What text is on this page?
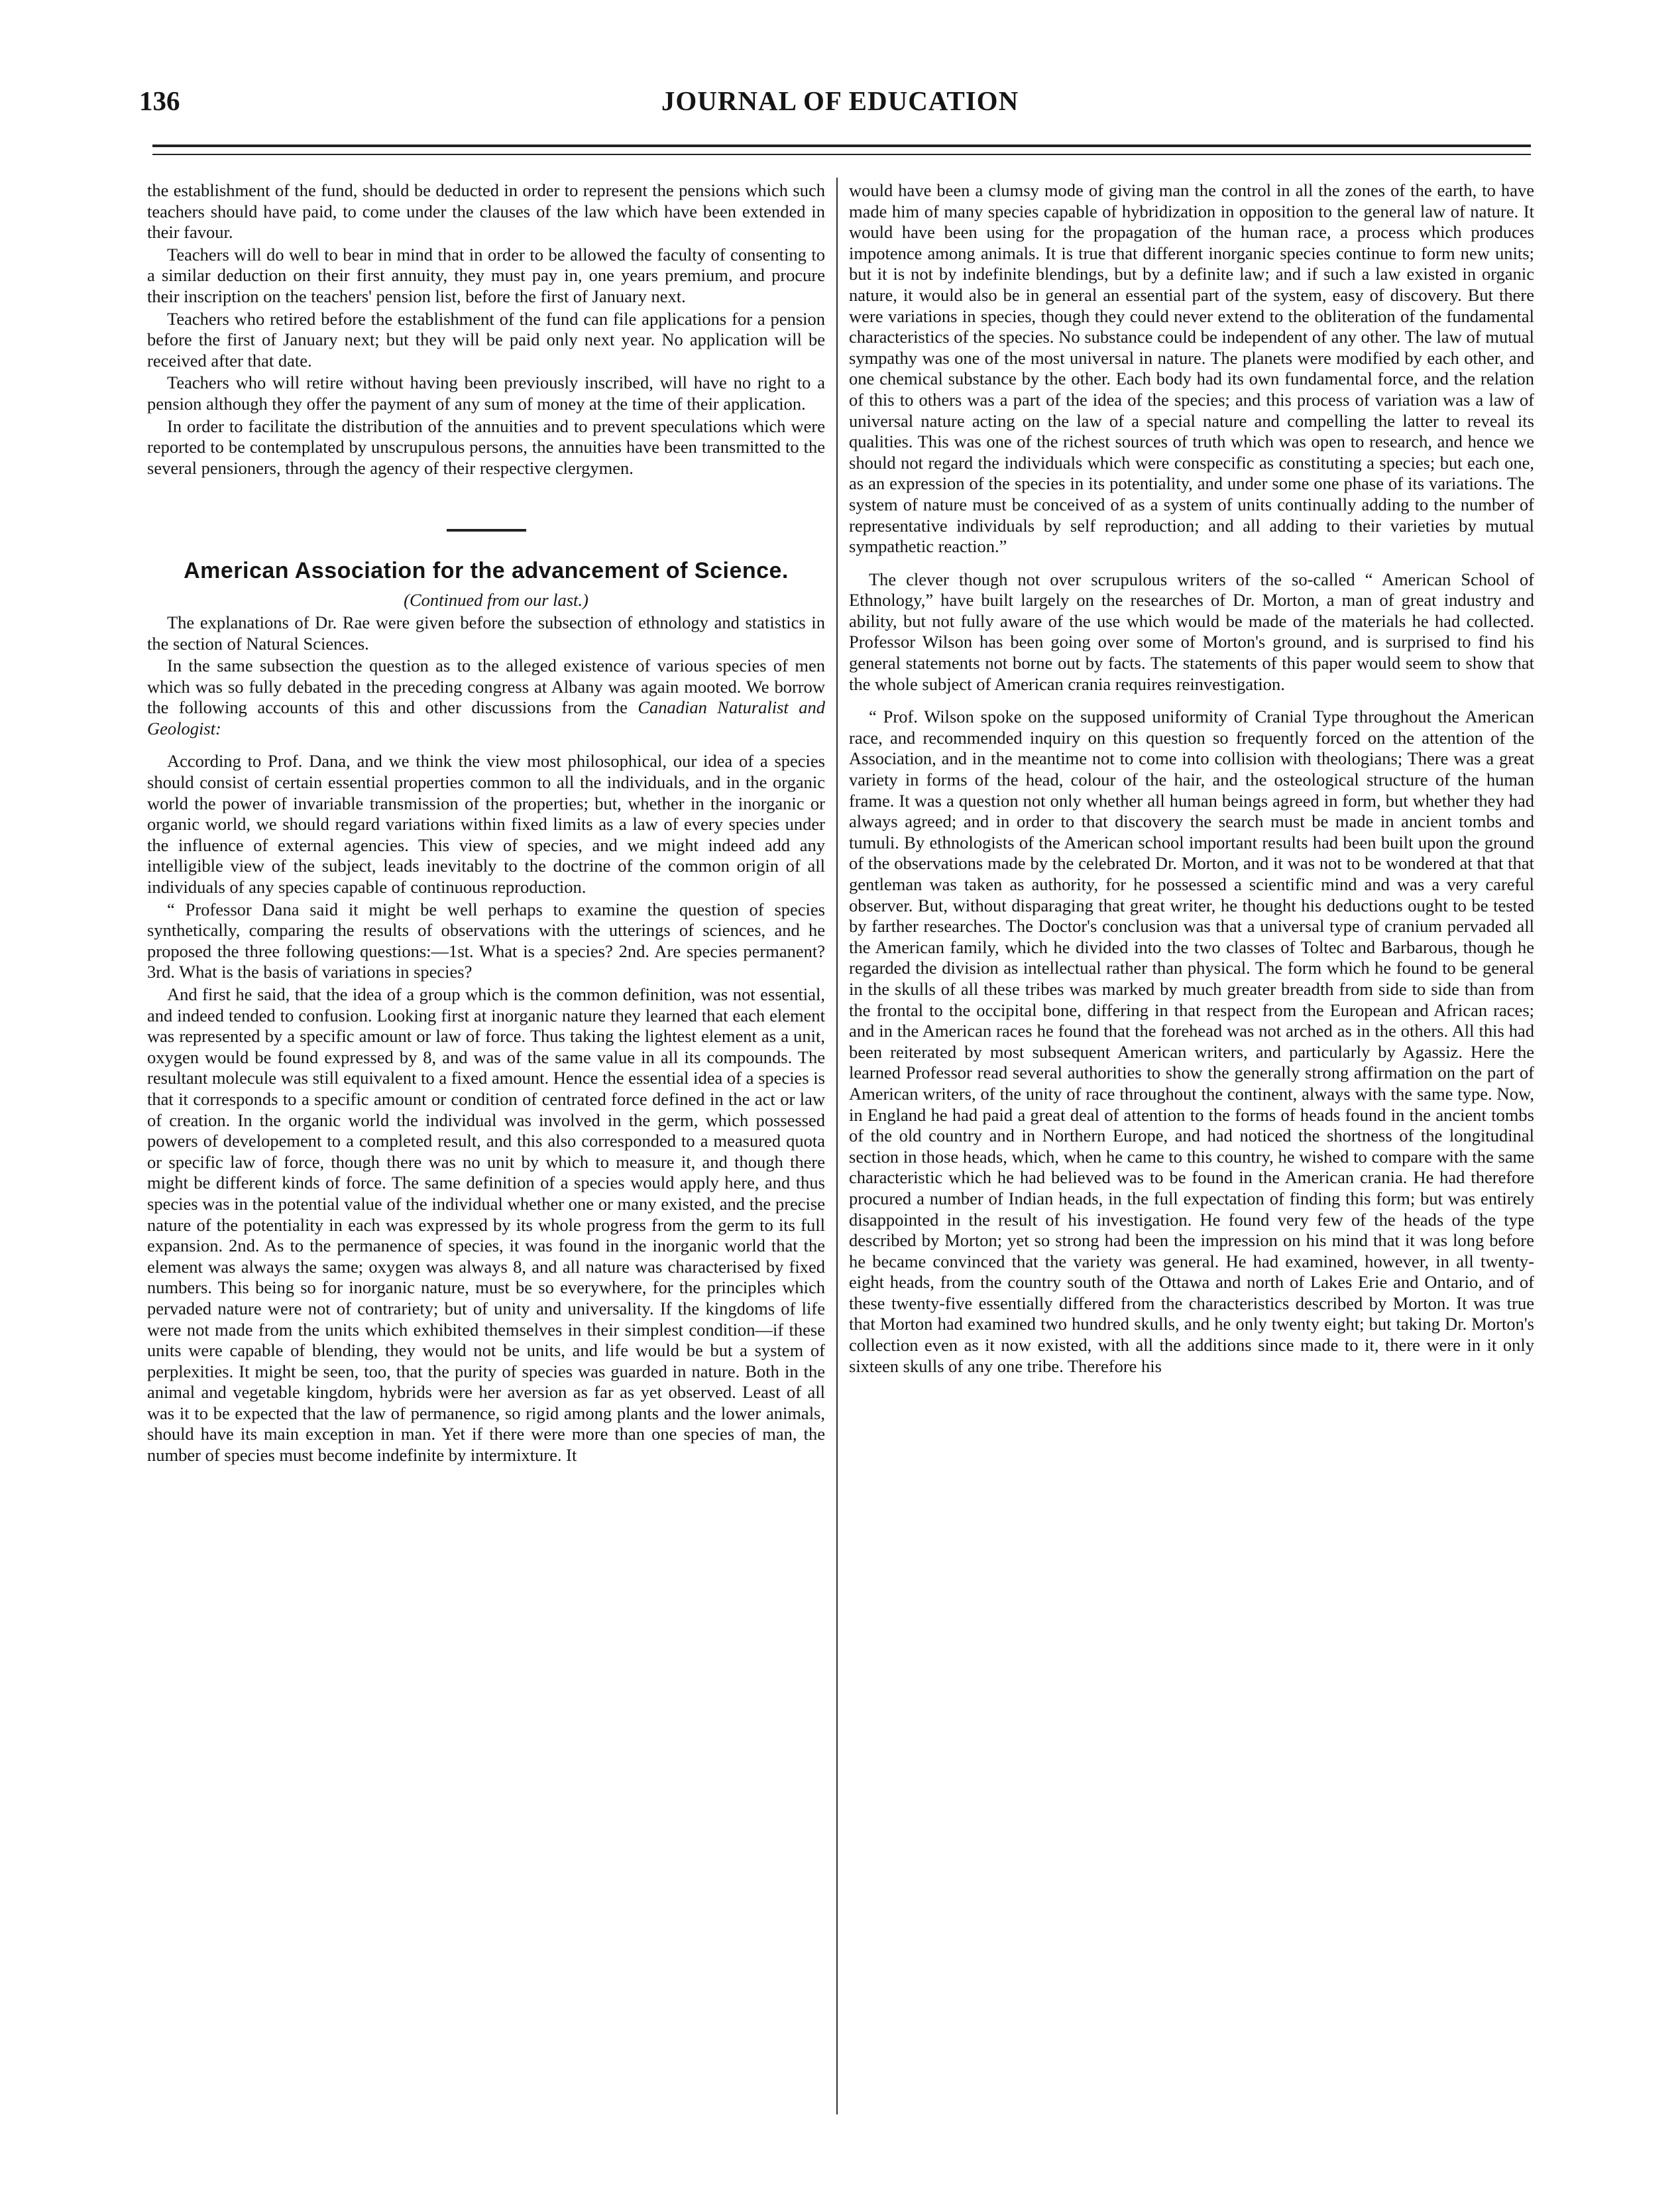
JOURNAL OF EDUCATION
136

the establishment of the fund, should be deducted in order to represent the pensions which such teachers should have paid, to come under the clauses of the law which have been extended in their favour.

Teachers will do well to bear in mind that in order to be allowed the faculty of consenting to a similar deduction on their first annuity, they must pay in, one years premium, and procure their inscription on the teachers' pension list, before the first of January next.

Teachers who retired before the establishment of the fund can file applications for a pension before the first of January next; but they will be paid only next year. No application will be received after that date.

Teachers who will retire without having been previously inscribed, will have no right to a pension although they offer the payment of any sum of money at the time of their application.

In order to facilitate the distribution of the annuities and to prevent speculations which were reported to be contemplated by unscrupulous persons, the annuities have been transmitted to the several pensioners, through the agency of their respective clergymen.

American Association for the advancement of Science.

(Continued from our last.)

The explanations of Dr. Rae were given before the subsection of ethnology and statistics in the section of Natural Sciences.

In the same subsection the question as to the alleged existence of various species of men which was so fully debated in the preceding congress at Albany was again mooted. We borrow the following accounts of this and other discussions from the Canadian Naturalist and Geologist:

According to Prof. Dana, and we think the view most philosophical, our idea of a species should consist of certain essential properties common to all the individuals, and in the organic world the power of invariable transmission of the properties; but, whether in the inorganic or organic world, we should regard variations within fixed limits as a law of every species under the influence of external agencies. This view of species, and we might indeed add any intelligible view of the subject, leads inevitably to the doctrine of the common origin of all individuals of any species capable of continuous reproduction.

“ Professor Dana said it might be well perhaps to examine the question of species synthetically, comparing the results of observations with the utterings of sciences, and he proposed the three following questions:—1st. What is a species? 2nd. Are species permanent? 3rd. What is the basis of variations in species?

And first he said, that the idea of a group which is the common definition, was not essential, and indeed tended to confusion. Looking first at inorganic nature they learned that each element was represented by a specific amount or law of force. Thus taking the lightest element as a unit, oxygen would be found expressed by 8, and was of the same value in all its compounds. The resultant molecule was still equivalent to a fixed amount. Hence the essential idea of a species is that it corresponds to a specific amount or condition of centrated force defined in the act or law of creation. In the organic world the individual was involved in the germ, which possessed powers of developement to a completed result, and this also corresponded to a measured quota or specific law of force, though there was no unit by which to measure it, and though there might be different kinds of force. The same definition of a species would apply here, and thus species was in the potential value of the individual whether one or many existed, and the precise nature of the potentiality in each was expressed by its whole progress from the germ to its full expansion. 2nd. As to the permanence of species, it was found in the inorganic world that the element was always the same; oxygen was always 8, and all nature was characterised by fixed numbers. This being so for inorganic nature, must be so everywhere, for the principles which pervaded nature were not of contrariety; but of unity and universality. If the kingdoms of life were not made from the units which exhibited themselves in their simplest condition—if these units were capable of blending, they would not be units, and life would be but a system of perplexities. It might be seen, too, that the purity of species was guarded in nature. Both in the animal and vegetable kingdom, hybrids were her aversion as far as yet observed. Least of all was it to be expected that the law of permanence, so rigid among plants and the lower animals, should have its main exception in man. Yet if there were more than one species of man, the number of species must become indefinite by intermixture. It

would have been a clumsy mode of giving man the control in all the zones of the earth, to have made him of many species capable of hybridization in opposition to the general law of nature. It would have been using for the propagation of the human race, a process which produces impotence among animals. It is true that different inorganic species continue to form new units; but it is not by indefinite blendings, but by a definite law; and if such a law existed in organic nature, it would also be in general an essential part of the system, easy of discovery. But there were variations in species, though they could never extend to the obliteration of the fundamental characteristics of the species. No substance could be independent of any other. The law of mutual sympathy was one of the most universal in nature. The planets were modified by each other, and one chemical substance by the other. Each body had its own fundamental force, and the relation of this to others was a part of the idea of the species; and this process of variation was a law of universal nature acting on the law of a special nature and compelling the latter to reveal its qualities. This was one of the richest sources of truth which was open to research, and hence we should not regard the individuals which were conspecific as constituting a species; but each one, as an expression of the species in its potentiality, and under some one phase of its variations. The system of nature must be conceived of as a system of units continually adding to the number of representative individuals by self reproduction; and all adding to their varieties by mutual sympathetic reaction.”

The clever though not over scrupulous writers of the so-called “ American School of Ethnology,” have built largely on the researches of Dr. Morton, a man of great industry and ability, but not fully aware of the use which would be made of the materials he had collected. Professor Wilson has been going over some of Morton's ground, and is surprised to find his general statements not borne out by facts. The statements of this paper would seem to show that the whole subject of American crania requires reinvestigation.

“ Prof. Wilson spoke on the supposed uniformity of Cranial Type throughout the American race, and recommended inquiry on this question so frequently forced on the attention of the Association, and in the meantime not to come into collision with theologians; There was a great variety in forms of the head, colour of the hair, and the osteological structure of the human frame. It was a question not only whether all human beings agreed in form, but whether they had always agreed; and in order to that discovery the search must be made in ancient tombs and tumuli. By ethnologists of the American school important results had been built upon the ground of the observations made by the celebrated Dr. Morton, and it was not to be wondered at that that gentleman was taken as authority, for he possessed a scientific mind and was a very careful observer. But, without disparaging that great writer, he thought his deductions ought to be tested by farther researches. The Doctor's conclusion was that a universal type of cranium pervaded all the American family, which he divided into the two classes of Toltec and Barbarous, though he regarded the division as intellectual rather than physical. The form which he found to be general in the skulls of all these tribes was marked by much greater breadth from side to side than from the frontal to the occipital bone, differing in that respect from the European and African races; and in the American races he found that the forehead was not arched as in the others. All this had been reiterated by most subsequent American writers, and particularly by Agassiz. Here the learned Professor read several authorities to show the generally strong affirmation on the part of American writers, of the unity of race throughout the continent, always with the same type. Now, in England he had paid a great deal of attention to the forms of heads found in the ancient tombs of the old country and in Northern Europe, and had noticed the shortness of the longitudinal section in those heads, which, when he came to this country, he wished to compare with the same characteristic which he had believed was to be found in the American crania. He had therefore procured a number of Indian heads, in the full expectation of finding this form; but was entirely disappointed in the result of his investigation. He found very few of the heads of the type described by Morton; yet so strong had been the impression on his mind that it was long before he became convinced that the variety was general. He had examined, however, in all twenty-eight heads, from the country south of the Ottawa and north of Lakes Erie and Ontario, and of these twenty-five essentially differed from the characteristics described by Morton. It was true that Morton had examined two hundred skulls, and he only twenty eight; but taking Dr. Morton's collection even as it now existed, with all the additions since made to it, there were in it only sixteen skulls of any one tribe. Therefore his
